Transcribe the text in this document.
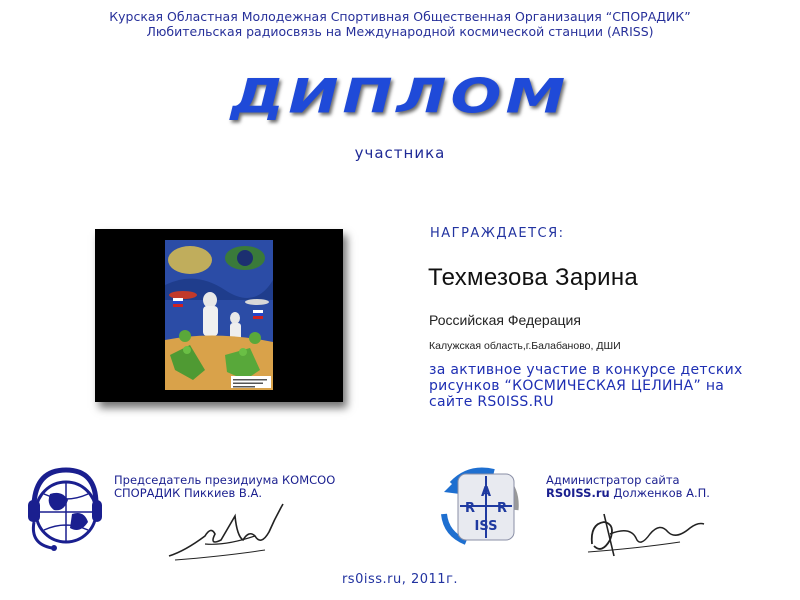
Курская Областная Молодежная Спортивная Общественная Организация “СПОРАДИК”
Любительская радиосвязь на Международной космической станции (ARISS)
ДИПЛОМ
участника
НАГРАЖДАЕТСЯ:
Техмезова Зарина
Российская Федерация
Калужская область,г.Балабаново, ДШИ
за активное участие в конкурсе детских рисунков “КОСМИЧЕСКАЯ ЦЕЛИНА” на сайте RS0ISS.RU
Председатель президиума КОМСОО
СПОРАДИК Пиккиев В.А.	A
R R
ISS
Администратор сайта
RS0ISS.ru Долженков А.П.
rs0iss.ru, 2011г.
